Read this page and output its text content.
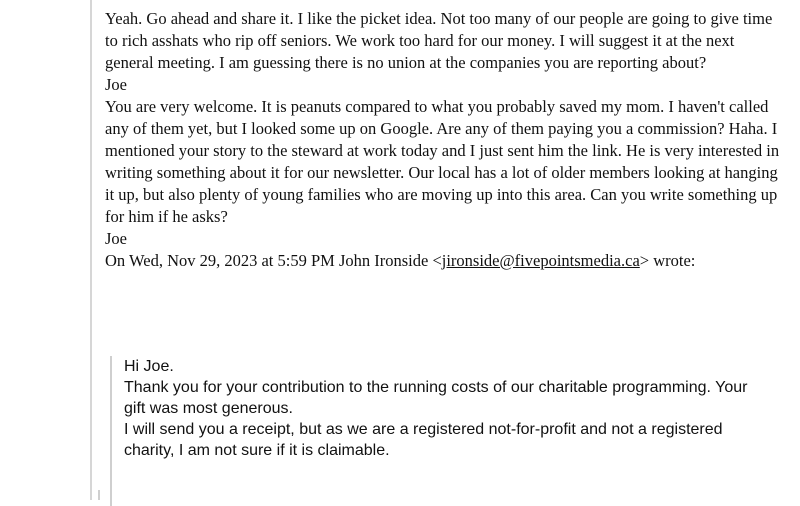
Yeah. Go ahead and share it. I like the picket idea. Not too many of our people are going to give time to rich asshats who rip off seniors. We work too hard for our money. I will suggest it at the next general meeting. I am guessing there is no union at the companies you are reporting about?

Joe

You are very welcome. It is peanuts compared to what you probably saved my mom. I haven't called any of them yet, but I looked some up on Google. Are any of them paying you a commission? Haha. I mentioned your story to the steward at work today and I just sent him the link. He is very interested in writing something about it for our newsletter. Our local has a lot of older members looking at hanging it up, but also plenty of young families who are moving up into this area. Can you write something up for him if he asks?

Joe

On Wed, Nov 29, 2023 at 5:59 PM John Ironside <jironside@fivepointsmedia.ca> wrote:

Hi Joe.

Thank you for your contribution to the running costs of our charitable programming. Your gift was most generous.

I will send you a receipt, but as we are a registered not-for-profit and not a registered charity, I am not sure if it is claimable.
